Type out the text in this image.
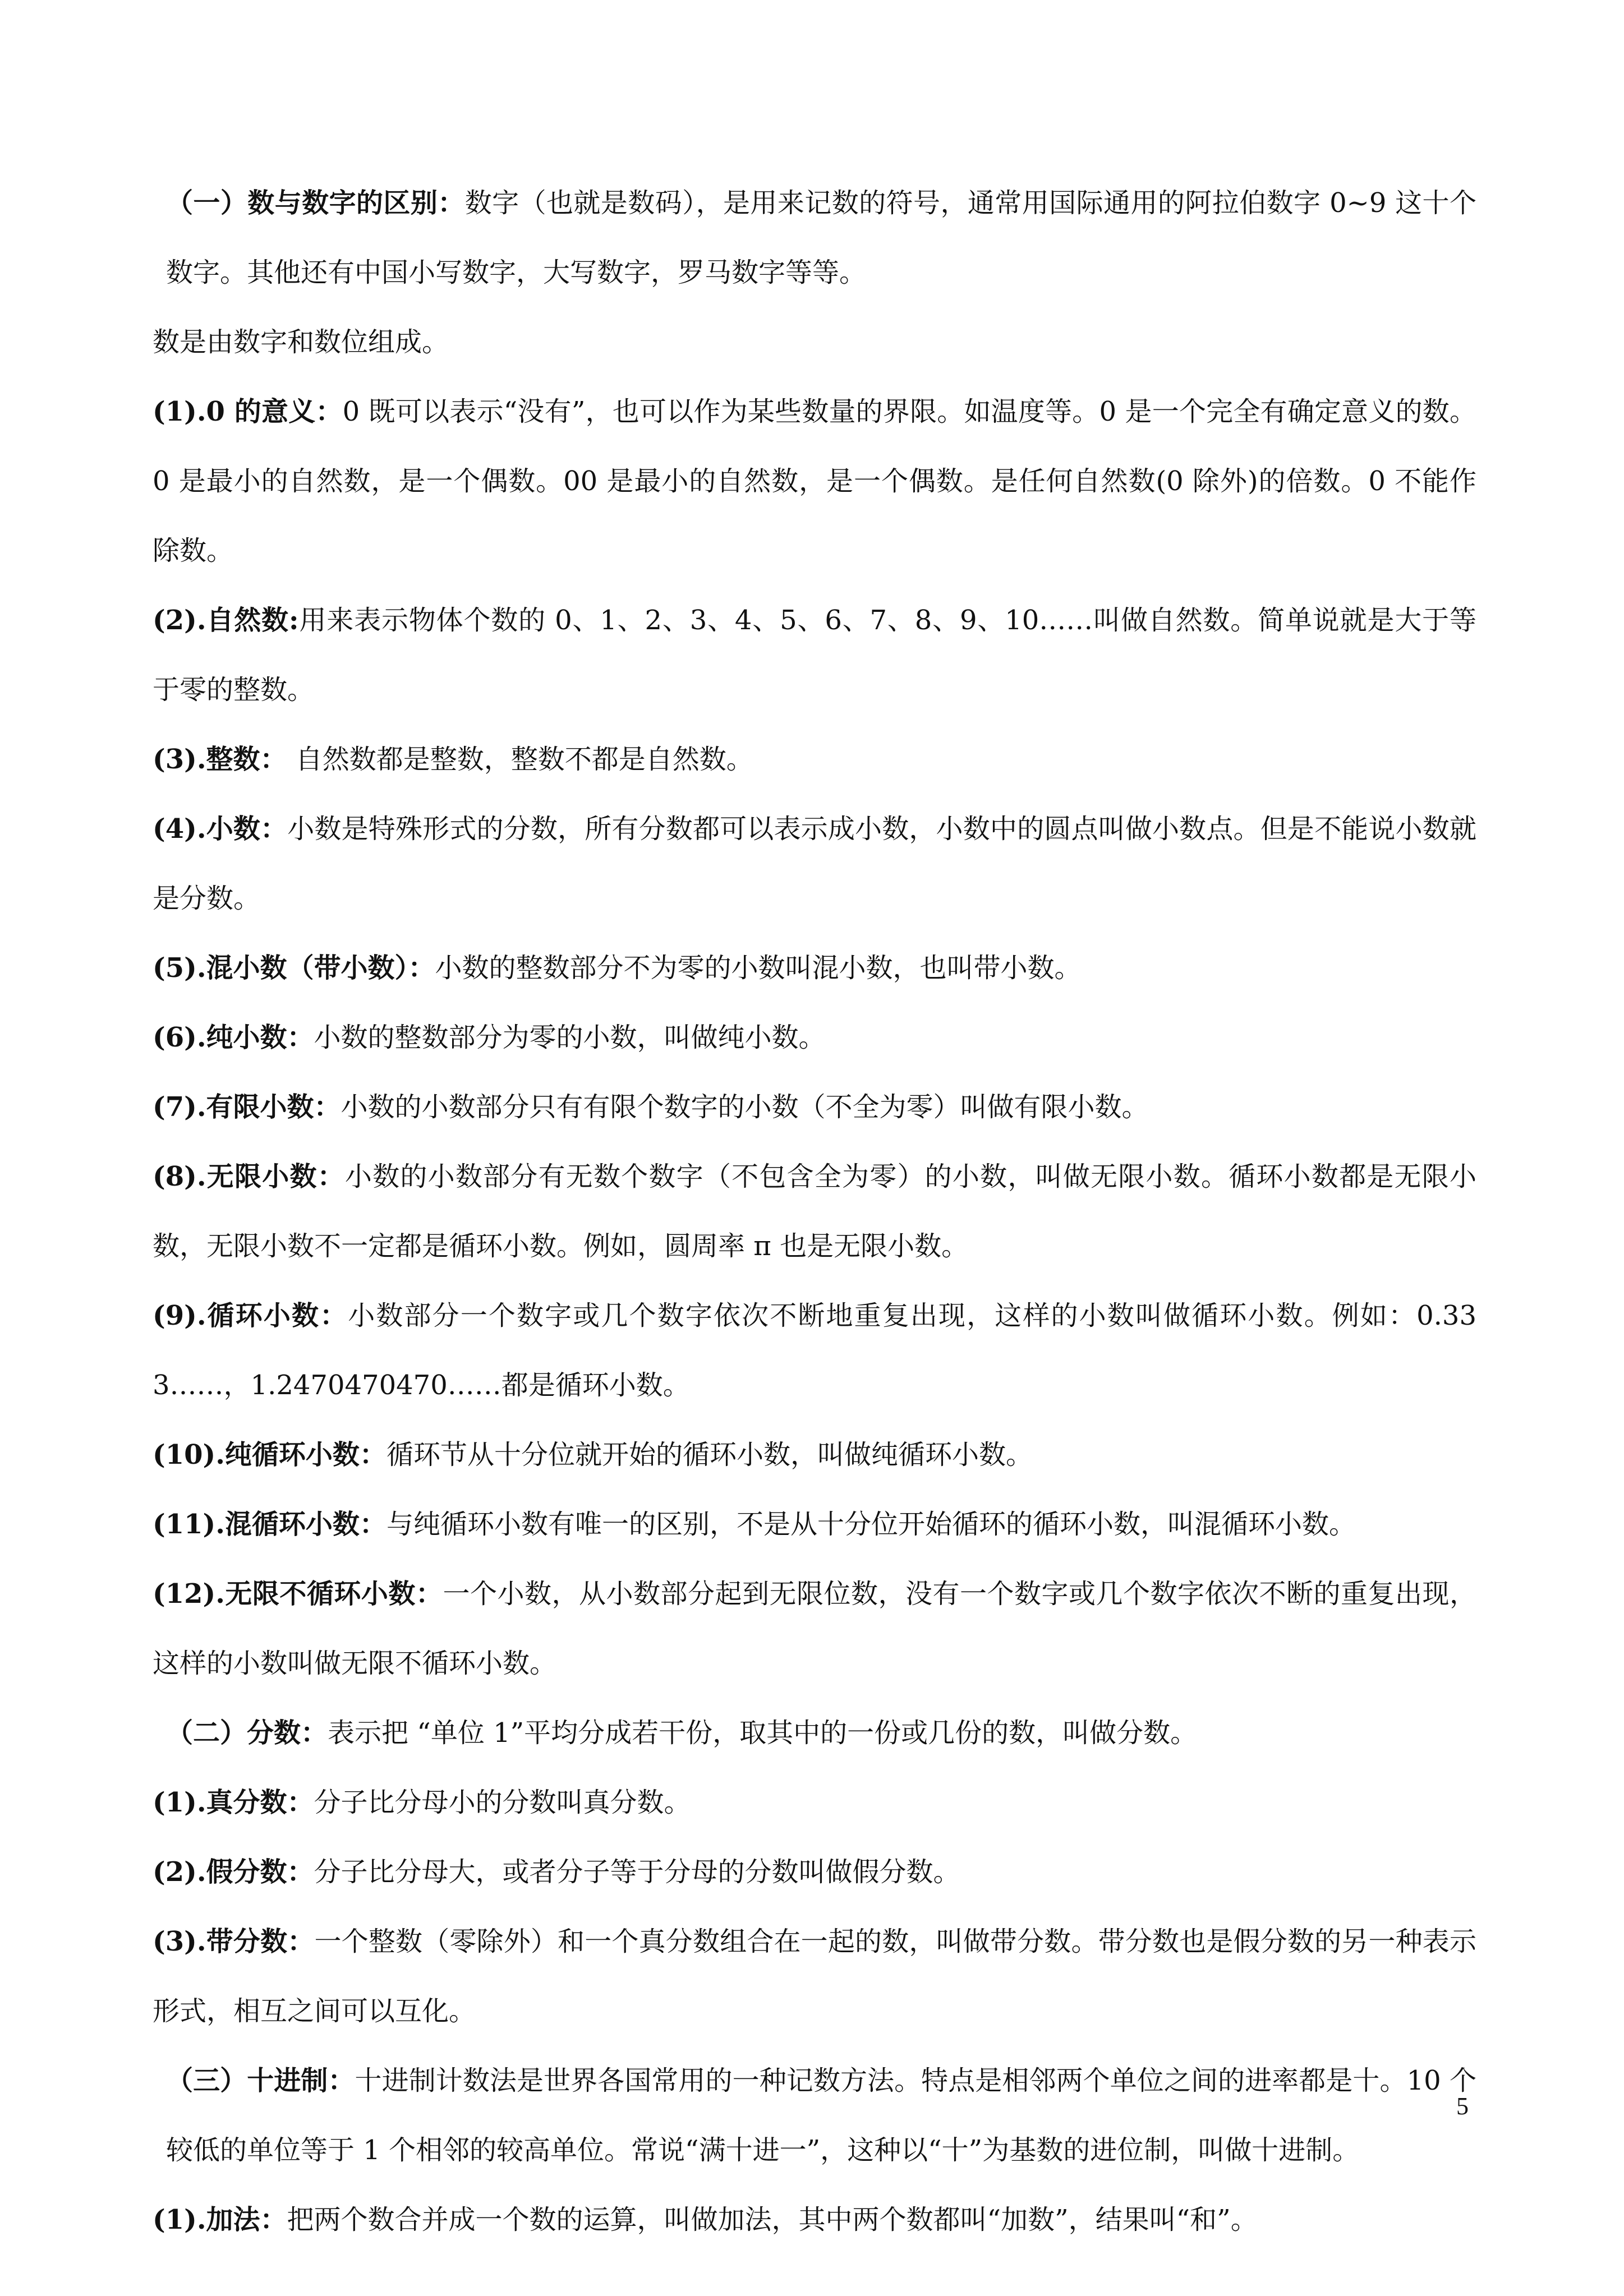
（一）数与数字的区别：数字（也就是数码），是用来记数的符号，通常用国际通用的阿拉伯数字 0~9 这十个数字。其他还有中国小写数字，大写数字，罗马数字等等。

数是由数字和数位组成。

(1).0 的意义：0 既可以表示“没有”，也可以作为某些数量的界限。如温度等。0 是一个完全有确定意义的数。0 是最小的自然数，是一个偶数。00 是最小的自然数，是一个偶数。是任何自然数(0 除外)的倍数。0 不能作除数。

(2).自然数:用来表示物体个数的 0、1、2、3、4、5、6、7、8、9、10……叫做自然数。简单说就是大于等于零的整数。

(3).整数： 自然数都是整数，整数不都是自然数。

(4).小数：小数是特殊形式的分数，所有分数都可以表示成小数，小数中的圆点叫做小数点。但是不能说小数就是分数。

(5).混小数（带小数）：小数的整数部分不为零的小数叫混小数，也叫带小数。

(6).纯小数：小数的整数部分为零的小数，叫做纯小数。

(7).有限小数：小数的小数部分只有有限个数字的小数（不全为零）叫做有限小数。

(8).无限小数：小数的小数部分有无数个数字（不包含全为零）的小数，叫做无限小数。循环小数都是无限小数，无限小数不一定都是循环小数。例如，圆周率 π 也是无限小数。

(9).循环小数：小数部分一个数字或几个数字依次不断地重复出现，这样的小数叫做循环小数。例如：0.333……，1.2470470470……都是循环小数。

(10).纯循环小数：循环节从十分位就开始的循环小数，叫做纯循环小数。

(11).混循环小数：与纯循环小数有唯一的区别，不是从十分位开始循环的循环小数，叫混循环小数。

(12).无限不循环小数：一个小数，从小数部分起到无限位数，没有一个数字或几个数字依次不断的重复出现，这样的小数叫做无限不循环小数。

（二）分数：表示把 “单位 1”平均分成若干份，取其中的一份或几份的数，叫做分数。

(1).真分数：分子比分母小的分数叫真分数。

(2).假分数：分子比分母大，或者分子等于分母的分数叫做假分数。

(3).带分数：一个整数（零除外）和一个真分数组合在一起的数，叫做带分数。带分数也是假分数的另一种表示形式，相互之间可以互化。

（三）十进制：十进制计数法是世界各国常用的一种记数方法。特点是相邻两个单位之间的进率都是十。10 个较低的单位等于 1 个相邻的较高单位。常说“满十进一”，这种以“十”为基数的进位制，叫做十进制。

(1).加法：把两个数合并成一个数的运算，叫做加法，其中两个数都叫“加数”，结果叫“和”。

5
